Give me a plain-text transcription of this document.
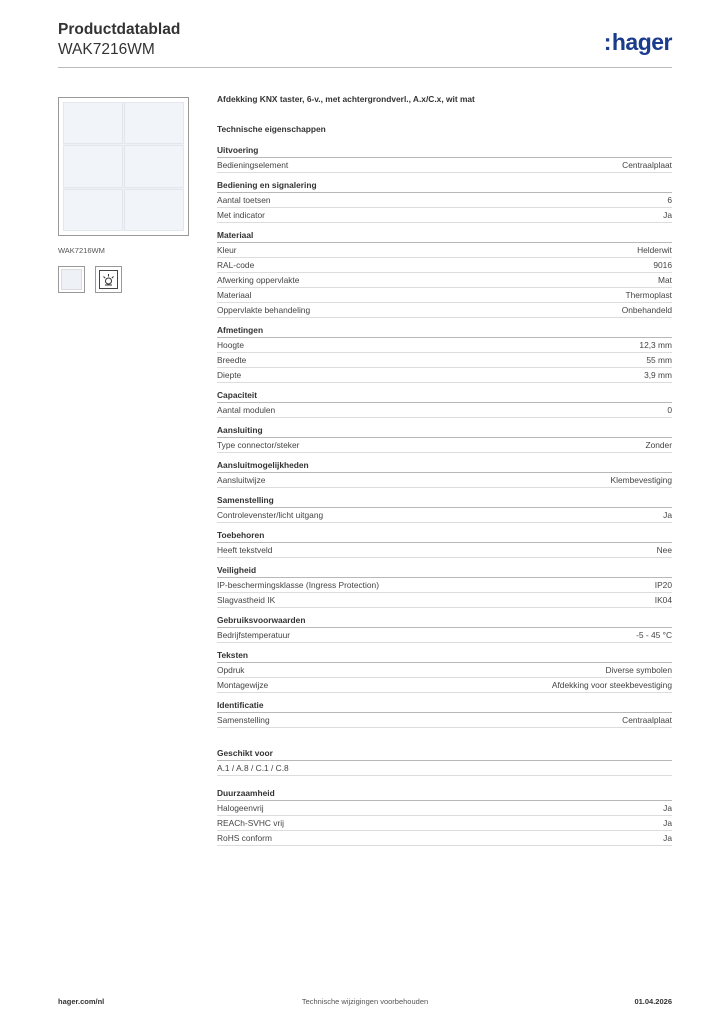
Productdatablad
WAK7216WM	:hager
WAK7216WM
Afdekking KNX taster, 6-v., met achtergrondverl., A.x/C.x, wit mat
Technische eigenschappen
Uitvoering
Bedieningselement	Centraalplaat
Bediening en signalering
Aantal toetsen	6
Met indicator	Ja
Materiaal
Kleur	Helderwit
RAL-code	9016
Afwerking oppervlakte	Mat
Materiaal	Thermoplast
Oppervlakte behandeling	Onbehandeld
Afmetingen
Hoogte	12,3 mm
Breedte	55 mm
Diepte	3,9 mm
Capaciteit
Aantal modulen	0
Aansluiting
Type connector/steker	Zonder
Aansluitmogelijkheden
Aansluitwijze	Klembevestiging
Samenstelling
Controlevenster/licht uitgang	Ja
Toebehoren
Heeft tekstveld	Nee
Veiligheid
IP-beschermingsklasse (Ingress Protection)	IP20
Slagvastheid IK	IK04
Gebruiksvoorwaarden
Bedrijfstemperatuur	-5 - 45 °C
Teksten
Opdruk	Diverse symbolen
Montagewijze	Afdekking voor steekbevestiging
Identificatie
Samenstelling	Centraalplaat
Geschikt voor
A.1 / A.8 / C.1 / C.8
Duurzaamheid
Halogeenvrij	Ja
REACh-SVHC vrij	Ja
RoHS conform	Ja
hager.com/nl	Technische wijzigingen voorbehouden	01.04.2026
